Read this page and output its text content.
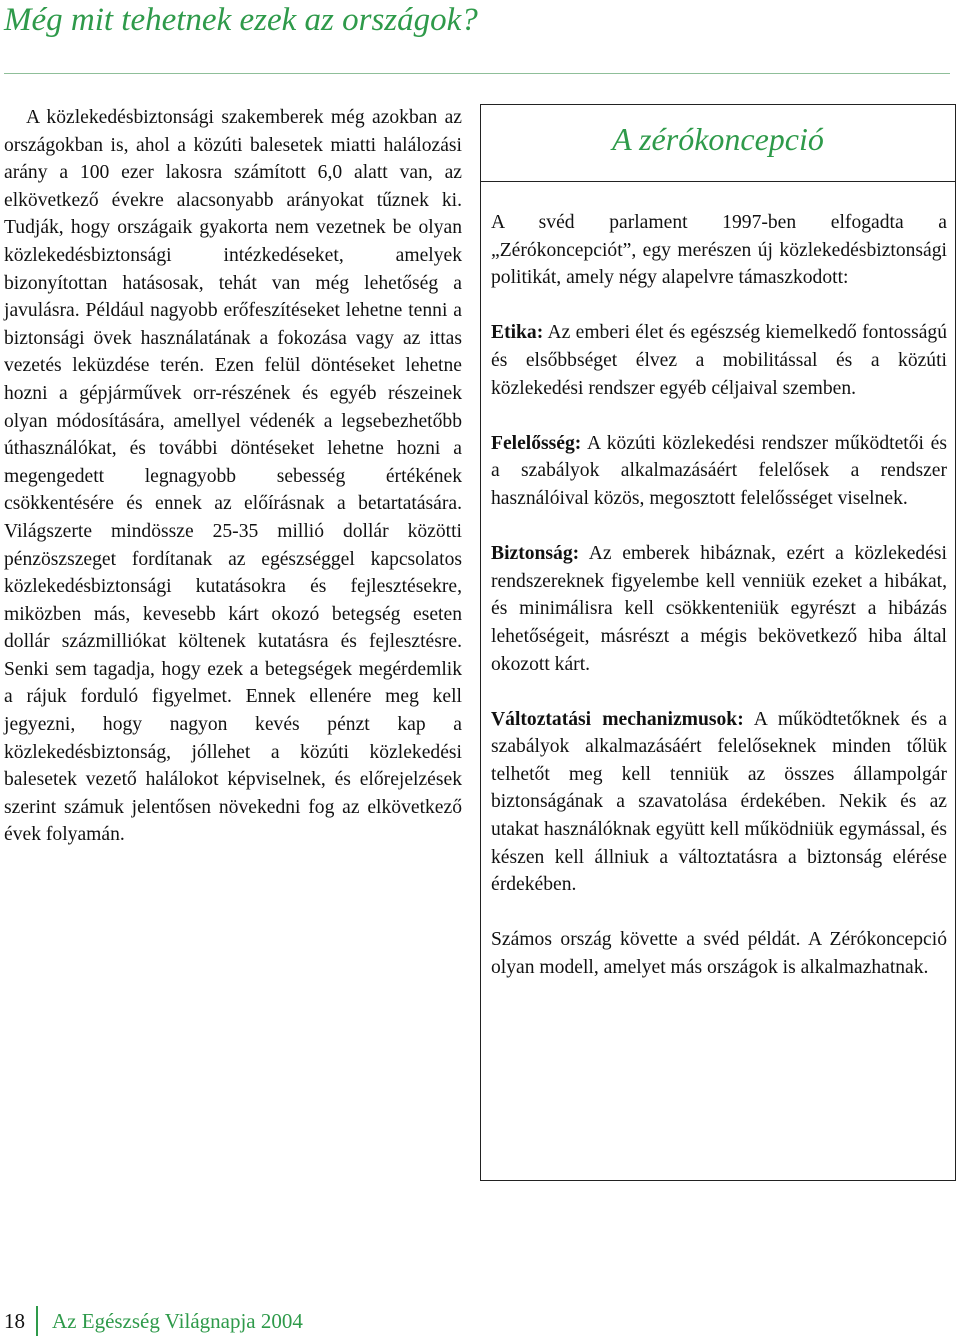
Még mit tehetnek ezek az országok?

A közlekedésbiztonsági szakemberek még azokban az országokban is, ahol a közúti balesetek miatti halálozási arány a 100 ezer lakosra számított 6,0 alatt van, az elkövetkező évekre alacsonyabb arányokat tűznek ki. Tudják, hogy országaik gyakorta nem vezetnek be olyan közlekedésbiztonsági intézkedéseket, amelyek bizonyítottan hatásosak, tehát van még lehetőség a javulásra. Például nagyobb erőfeszítéseket lehetne tenni a biztonsági övek használatának a fokozása vagy az ittas vezetés leküzdése terén. Ezen felül döntéseket lehetne hozni a gépjárművek orr-részének és egyéb részeinek olyan módosítására, amellyel védenék a legsebezhetőbb úthasználókat, és további döntéseket lehetne hozni a megengedett legnagyobb sebesség értékének csökkentésére és ennek az előírásnak a betartatására. Világszerte mindössze 25-35 millió dollár közötti pénzöszszeget fordítanak az egészséggel kapcsolatos közlekedésbiztonsági kutatásokra és fejlesztésekre, miközben más, kevesebb kárt okozó betegség eseten dollár százmilliókat költenek kutatásra és fejlesztésre. Senki sem tagadja, hogy ezek a betegségek megérdemlik a rájuk forduló figyelmet. Ennek ellenére meg kell jegyezni, hogy nagyon kevés pénzt kap a közlekedésbiztonság, jóllehet a közúti közlekedési balesetek vezető halálokot képviselnek, és előrejelzések szerint számuk jelentősen növekedni fog az elkövetkező évek folyamán.

A zérókoncepció

A svéd parlament 1997-ben elfogadta a „Zérókoncepciót”, egy merészen új közlekedésbiztonsági politikát, amely négy alapelvre támaszkodott:

Etika: Az emberi élet és egészség kiemelkedő fontosságú és elsőbbséget élvez a mobilitással és a közúti közlekedési rendszer egyéb céljaival szemben.

Felelősség: A közúti közlekedési rendszer működtetői és a szabályok alkalmazásáért felelősek a rendszer használóival közös, megosztott felelősséget viselnek.

Biztonság: Az emberek hibáznak, ezért a közlekedési rendszereknek figyelembe kell venniük ezeket a hibákat, és minimálisra kell csökkenteniük egyrészt a hibázás lehetőségeit, másrészt a mégis bekövetkező hiba által okozott kárt.

Változtatási mechanizmusok: A működtetőknek és a szabályok alkalmazásáért felelőseknek minden tőlük telhetőt meg kell tenniük az összes állampolgár biztonságának a szavatolása érdekében. Nekik és az utakat használóknak együtt kell működniük egymással, és készen kell állniuk a változtatásra a biztonság elérése érdekében.

Számos ország követte a svéd példát. A Zérókoncepció olyan modell, amelyet más országok is alkalmazhatnak.

18	Az Egészség Világnapja 2004
